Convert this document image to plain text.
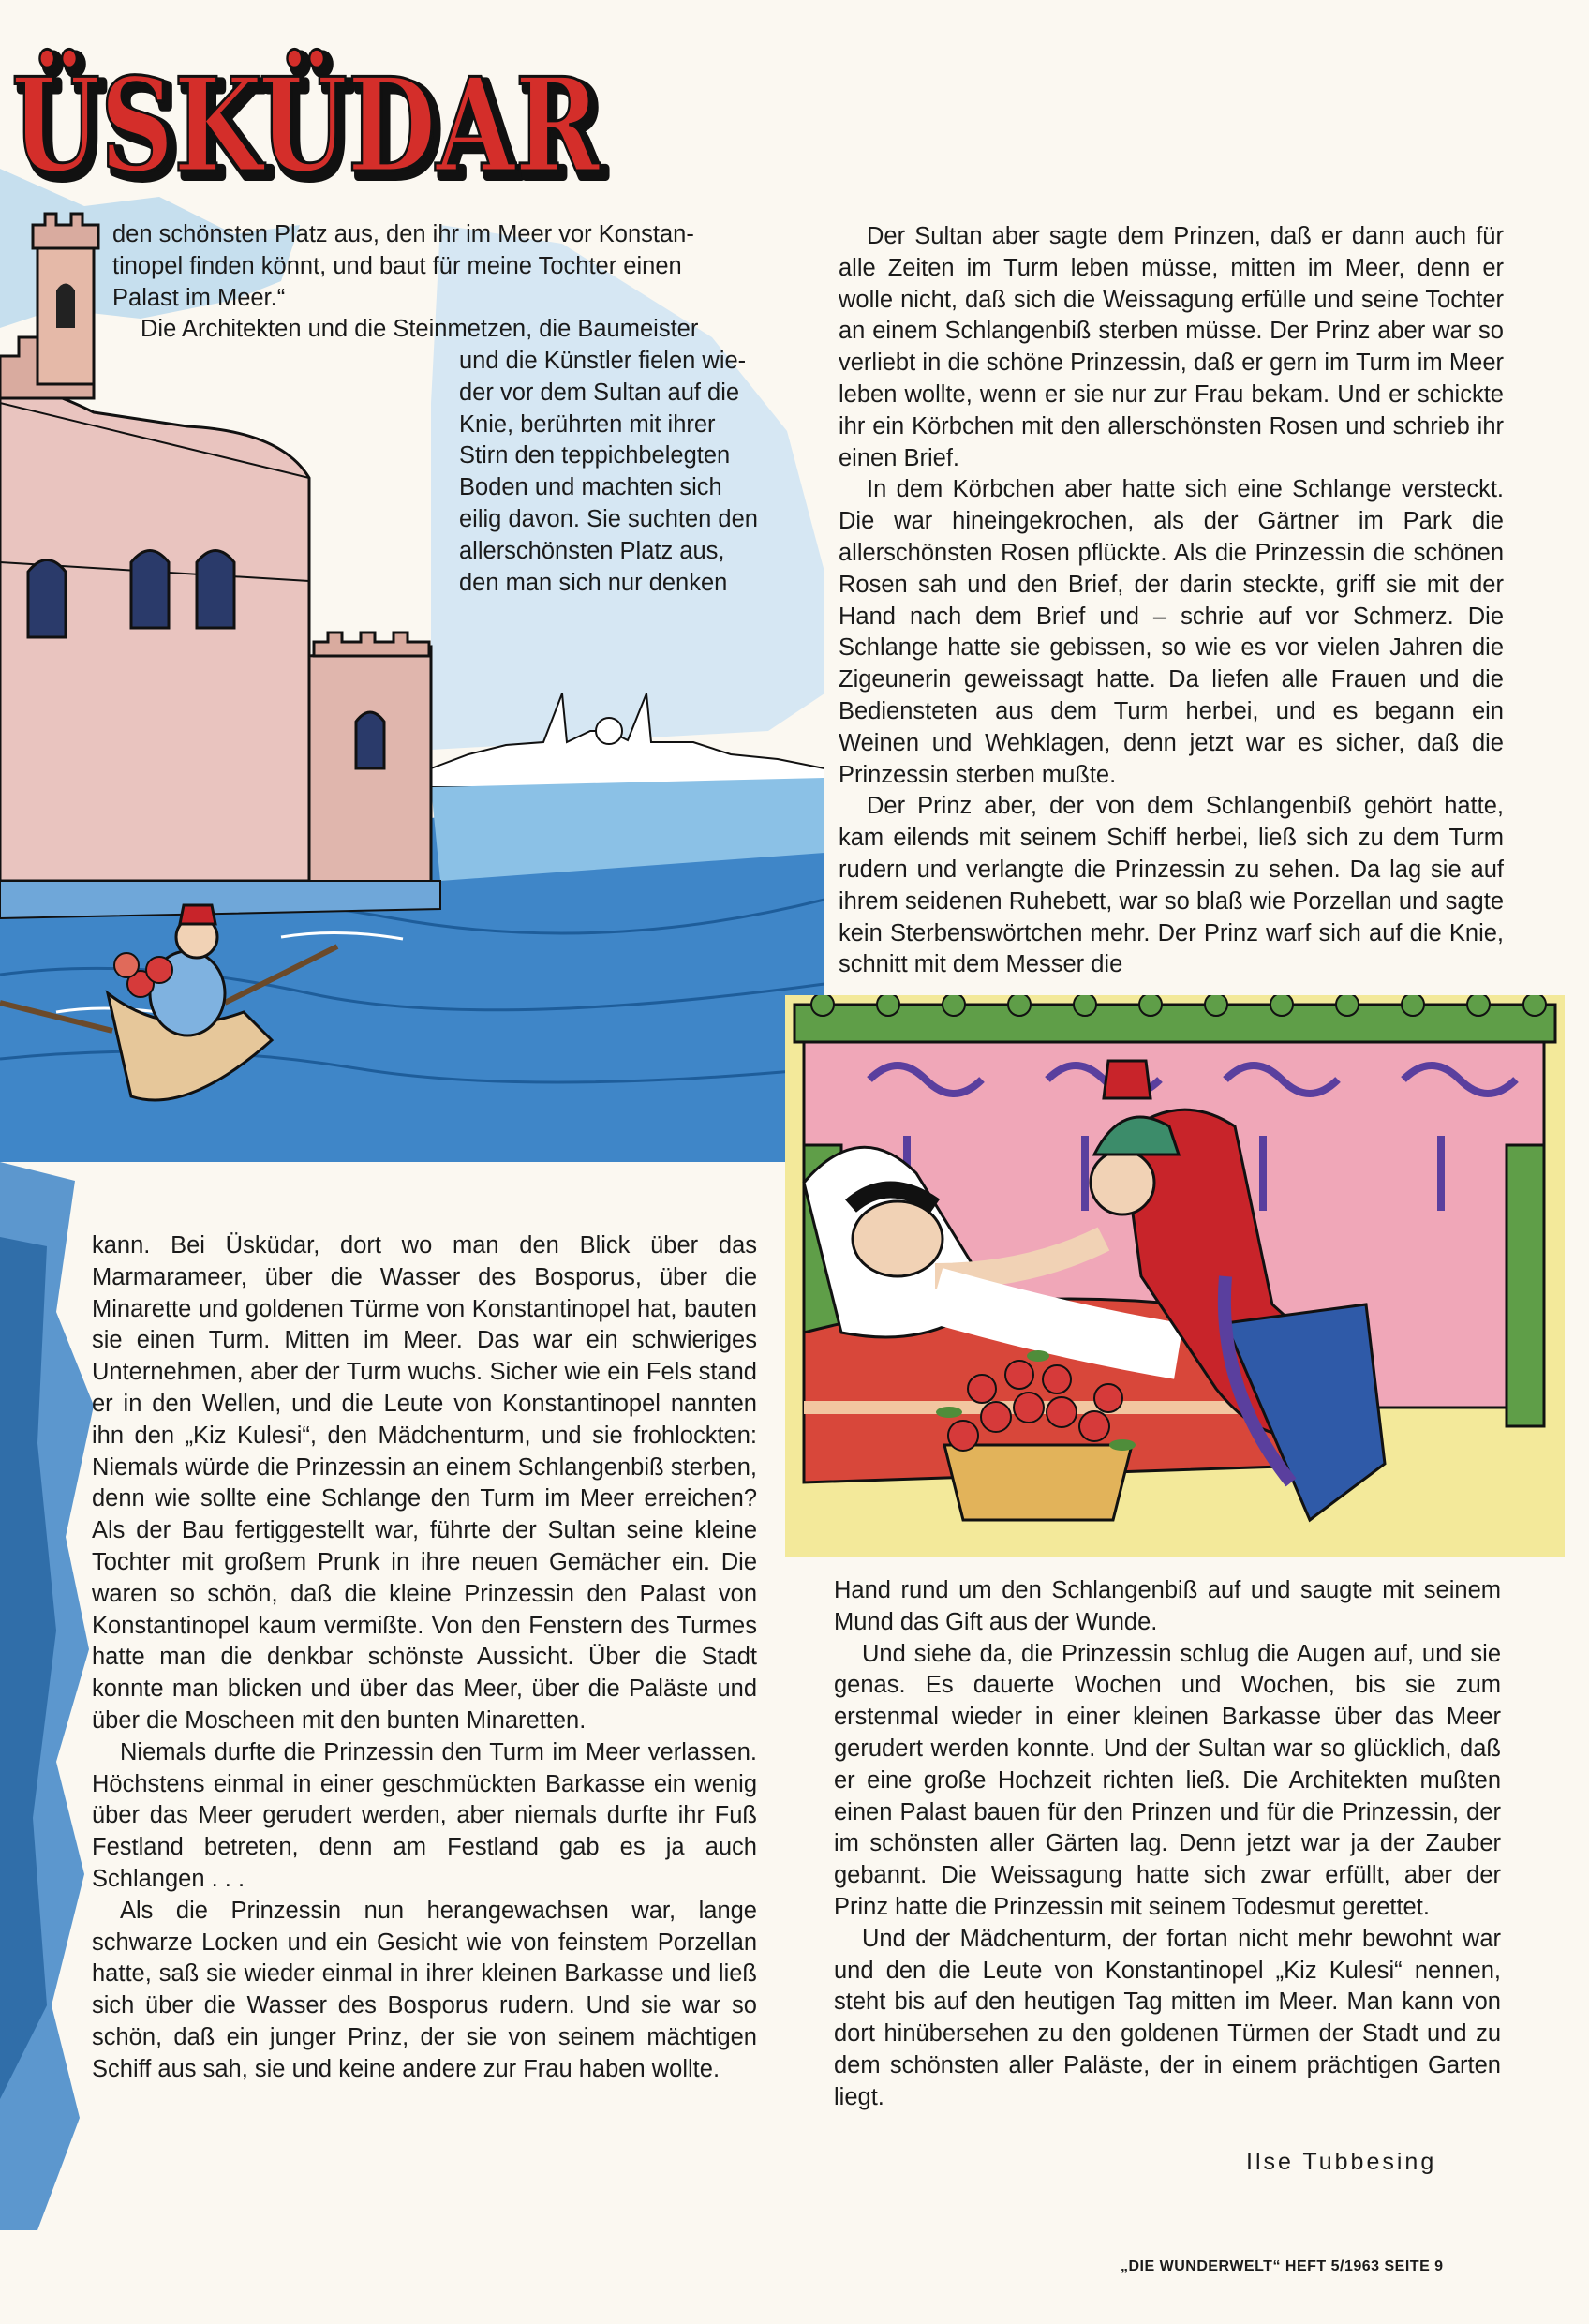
ÜSKÜDAR
ÜSKÜDAR

den schönsten Platz aus, den ihr im Meer vor Konstan-

tinopel finden könnt, und baut für meine Tochter einen

Palast im Meer.“

Die Architekten und die Steinmetzen, die Baumeister

und die Künstler fielen wie-

der vor dem Sultan auf die

Knie, berührten mit ihrer

Stirn den teppichbelegten

Boden und machten sich

eilig davon. Sie suchten den

allerschönsten Platz aus,

den man sich nur denken

kann. Bei Üsküdar, dort wo man den Blick über das Marmarameer, über die Wasser des Bosporus, über die Minarette und goldenen Türme von Konstantinopel hat, bauten sie einen Turm. Mitten im Meer. Das war ein schwieriges Unternehmen, aber der Turm wuchs. Sicher wie ein Fels stand er in den Wellen, und die Leute von Konstantinopel nannten ihn den „Kiz Kulesi“, den Mädchenturm, und sie frohlockten: Niemals würde die Prinzessin an einem Schlangenbiß sterben, denn wie sollte eine Schlange den Turm im Meer erreichen? Als der Bau fertiggestellt war, führte der Sultan seine kleine Tochter mit großem Prunk in ihre neuen Gemächer ein. Die waren so schön, daß die kleine Prinzessin den Palast von Konstantinopel kaum vermißte. Von den Fenstern des Turmes hatte man die denkbar schönste Aussicht. Über die Stadt konnte man blicken und über das Meer, über die Paläste und über die Moscheen mit den bunten Minaretten.

Niemals durfte die Prinzessin den Turm im Meer verlassen. Höchstens einmal in einer geschmückten Barkasse ein wenig über das Meer gerudert werden, aber niemals durfte ihr Fuß Festland betreten, denn am Festland gab es ja auch Schlangen . . .

Als die Prinzessin nun herangewachsen war, lange schwarze Locken und ein Gesicht wie von feinstem Porzellan hatte, saß sie wieder einmal in ihrer kleinen Barkasse und ließ sich über die Wasser des Bosporus rudern. Und sie war so schön, daß ein junger Prinz, der sie von seinem mächtigen Schiff aus sah, sie und keine andere zur Frau haben wollte.

Der Sultan aber sagte dem Prinzen, daß er dann auch für alle Zeiten im Turm leben müsse, mitten im Meer, denn er wolle nicht, daß sich die Weissagung erfülle und seine Tochter an einem Schlangenbiß sterben müsse. Der Prinz aber war so verliebt in die schöne Prinzessin, daß er gern im Turm im Meer leben wollte, wenn er sie nur zur Frau bekam. Und er schickte ihr ein Körbchen mit den allerschönsten Rosen und schrieb ihr einen Brief.

In dem Körbchen aber hatte sich eine Schlange versteckt. Die war hineingekrochen, als der Gärtner im Park die allerschönsten Rosen pflückte. Als die Prinzessin die schönen Rosen sah und den Brief, der darin steckte, griff sie mit der Hand nach dem Brief und – schrie auf vor Schmerz. Die Schlange hatte sie gebissen, so wie es vor vielen Jahren die Zigeunerin geweissagt hatte. Da liefen alle Frauen und die Bediensteten aus dem Turm herbei, und es begann ein Weinen und Wehklagen, denn jetzt war es sicher, daß die Prinzessin sterben mußte.

Der Prinz aber, der von dem Schlangenbiß gehört hatte, kam eilends mit seinem Schiff herbei, ließ sich zu dem Turm rudern und verlangte die Prinzessin zu sehen. Da lag sie auf ihrem seidenen Ruhebett, war so blaß wie Porzellan und sagte kein Sterbenswörtchen mehr. Der Prinz warf sich auf die Knie, schnitt mit dem Messer die

Hand rund um den Schlangenbiß auf und saugte mit seinem Mund das Gift aus der Wunde.

Und siehe da, die Prinzessin schlug die Augen auf, und sie genas. Es dauerte Wochen und Wochen, bis sie zum erstenmal wieder in einer kleinen Barkasse über das Meer gerudert werden konnte. Und der Sultan war so glücklich, daß er eine große Hochzeit richten ließ. Die Architekten mußten einen Palast bauen für den Prinzen und für die Prinzessin, der im schönsten aller Gärten lag. Denn jetzt war ja der Zauber gebannt. Die Weissagung hatte sich zwar erfüllt, aber der Prinz hatte die Prinzessin mit seinem Todesmut gerettet.

Und der Mädchenturm, der fortan nicht mehr bewohnt war und den die Leute von Konstantinopel „Kiz Kulesi“ nennen, steht bis auf den heutigen Tag mitten im Meer. Man kann von dort hinübersehen zu den goldenen Türmen der Stadt und zu dem schönsten aller Paläste, der in einem prächtigen Garten liegt.

Ilse Tubbesing
„DIE WUNDERWELT“ HEFT 5/1963 SEITE 9
